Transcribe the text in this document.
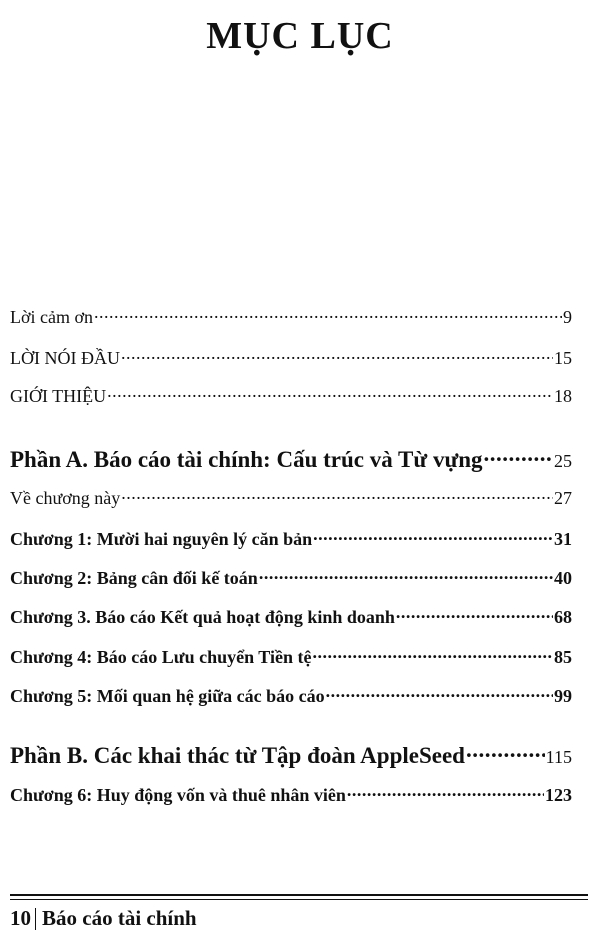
MỤC LỤC
Lời cảm ơn .....	9
LỜI NÓI ĐẦU .....	15
GIỚI THIỆU .....	18
Phần A. Báo cáo tài chính: Cấu trúc và Từ vựng .....	25
Về chương này .....	27
Chương 1: Mười hai nguyên lý căn bản .....	31
Chương 2: Bảng cân đối kế toán .....	40
Chương 3. Báo cáo Kết quả hoạt động kinh doanh .....	68
Chương 4: Báo cáo Lưu chuyển Tiền tệ .....	85
Chương 5: Mối quan hệ giữa các báo cáo .....	99
Phần B. Các khai thác từ Tập đoàn AppleSeed .....	115
Chương 6: Huy động vốn và thuê nhân viên .....	123
10 Báo cáo tài chính
